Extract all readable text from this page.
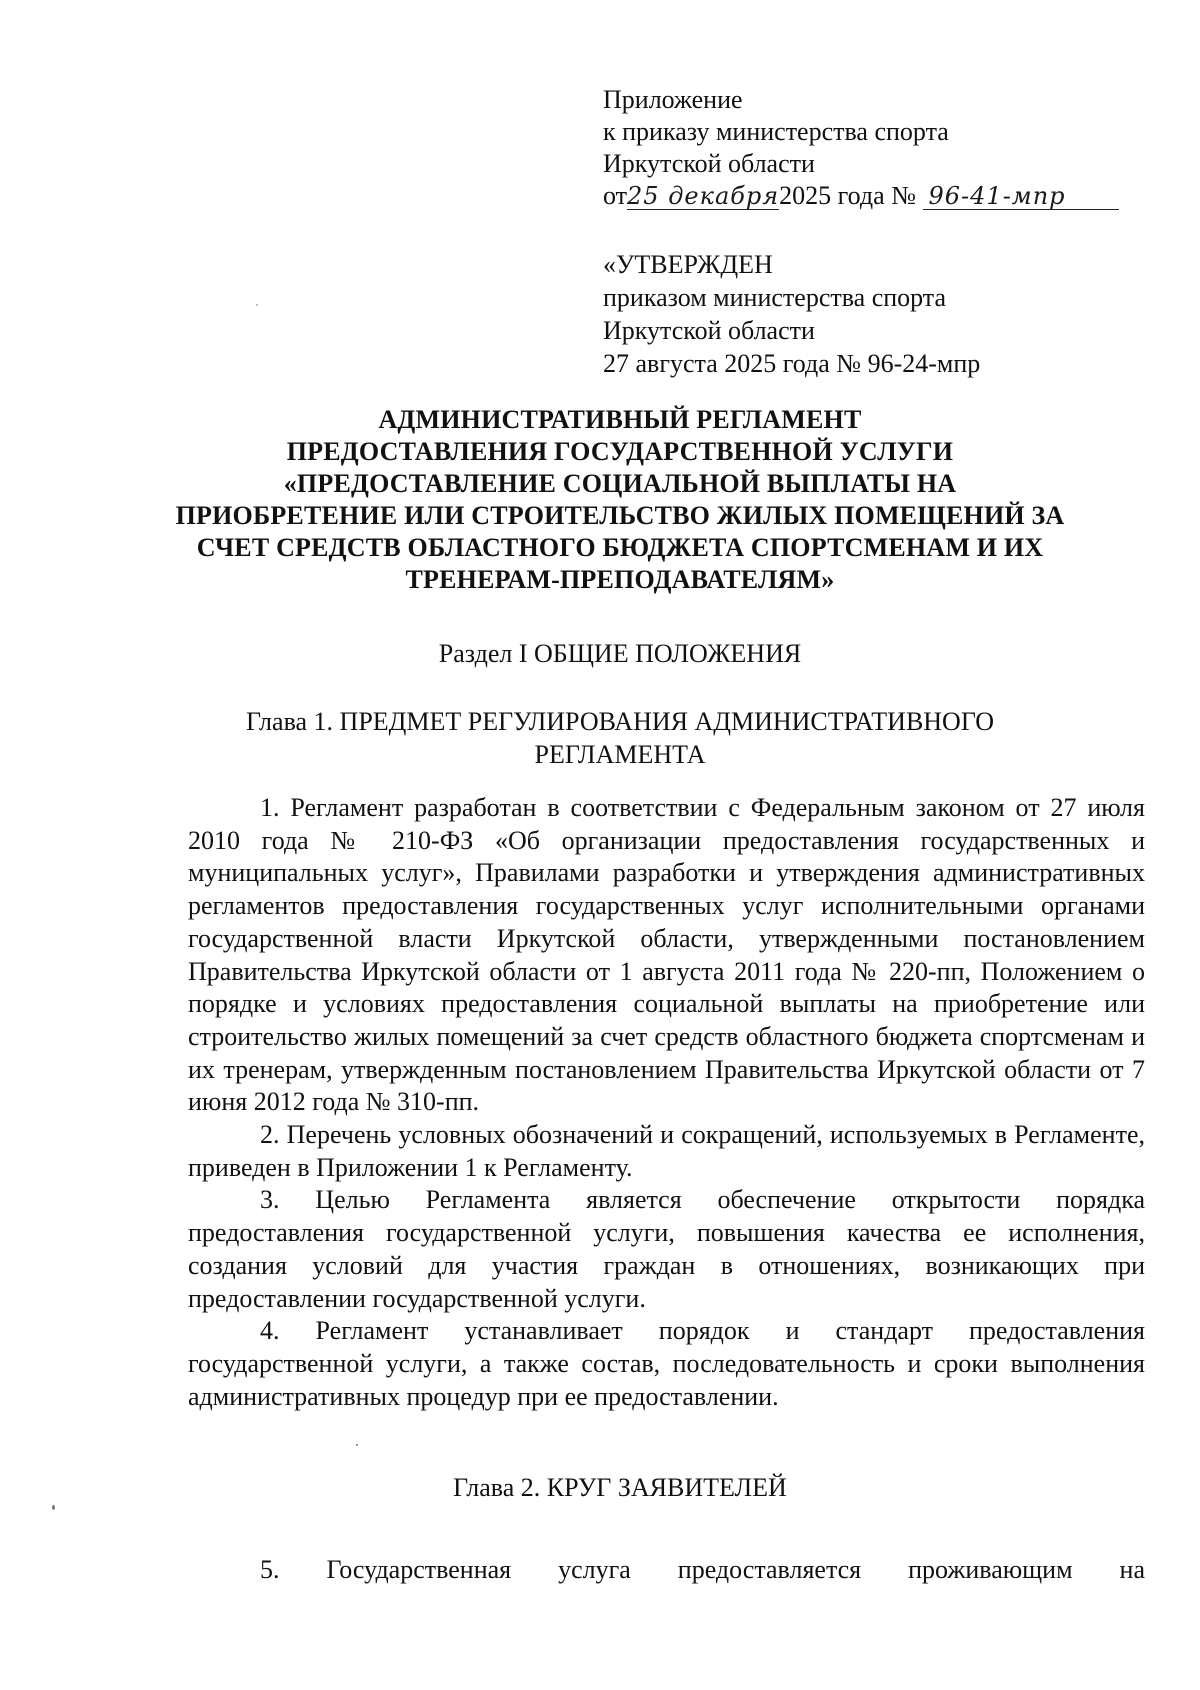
Приложение
к приказу министерства спорта
Иркутской области
от25 декабря2025 года № 96-41-мпр
«УТВЕРЖДЕН
приказом министерства спорта
Иркутской области
27 августа 2025 года № 96-24-мпр
АДМИНИСТРАТИВНЫЙ РЕГЛАМЕНТ
ПРЕДОСТАВЛЕНИЯ ГОСУДАРСТВЕННОЙ УСЛУГИ
«ПРЕДОСТАВЛЕНИЕ СОЦИАЛЬНОЙ ВЫПЛАТЫ НА
ПРИОБРЕТЕНИЕ ИЛИ СТРОИТЕЛЬСТВО ЖИЛЫХ ПОМЕЩЕНИЙ ЗА
СЧЕТ СРЕДСТВ ОБЛАСТНОГО БЮДЖЕТА СПОРТСМЕНАМ И ИХ
ТРЕНЕРАМ-ПРЕПОДАВАТЕЛЯМ»
Раздел I ОБЩИЕ ПОЛОЖЕНИЯ
Глава 1. ПРЕДМЕТ РЕГУЛИРОВАНИЯ АДМИНИСТРАТИВНОГО
РЕГЛАМЕНТА

1. Регламент разработан в соответствии с Федеральным законом от 27 июля 2010 года № 210-ФЗ «Об организации предоставления государственных и муниципальных услуг», Правилами разработки и утверждения административных регламентов предоставления государственных услуг исполнительными органами государственной власти Иркутской области, утвержденными постановлением Правительства Иркутской области от 1 августа 2011 года № 220-пп, Положением о порядке и условиях предоставления социальной выплаты на приобретение или строительство жилых помещений за счет средств областного бюджета спортсменам и их тренерам, утвержденным постановлением Правительства Иркутской области от 7 июня 2012 года № 310-пп.

2. Перечень условных обозначений и сокращений, используемых в Регламенте, приведен в Приложении 1 к Регламенту.

3. Целью Регламента является обеспечение открытости порядка предоставления государственной услуги, повышения качества ее исполнения, создания условий для участия граждан в отношениях, возникающих при предоставлении государственной услуги.

4. Регламент устанавливает порядок и стандарт предоставления государственной услуги, а также состав, последовательность и сроки выполнения административных процедур при ее предоставлении.

Глава 2. КРУГ ЗАЯВИТЕЛЕЙ

5. Государственная услуга предоставляется проживающим на
